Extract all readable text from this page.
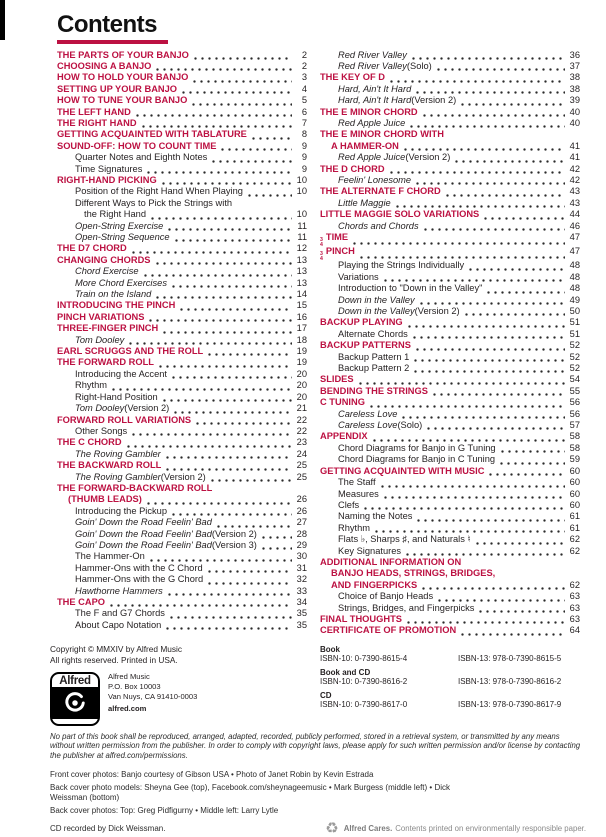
Contents
THE PARTS OF YOUR BANJO	2
CHOOSING A BANJO	2
HOW TO HOLD YOUR BANJO	3
SETTING UP YOUR BANJO	4
HOW TO TUNE YOUR BANJO	5
THE LEFT HAND	6
THE RIGHT HAND	7
GETTING ACQUAINTED WITH TABLATURE	8
SOUND-OFF: HOW TO COUNT TIME	9
Quarter Notes and Eighth Notes	9
Time Signatures	9
RIGHT-HAND PICKING	10
Position of the Right Hand When Playing	10
Different Ways to Pick the Strings with
the Right Hand	10
Open-String Exercise	11
Open-String Sequence	11
THE D7 CHORD	12
CHANGING CHORDS	13
Chord Exercise	13
More Chord Exercises	13
Train on the Island	14
INTRODUCING THE PINCH	15
PINCH VARIATIONS	16
THREE-FINGER PINCH	17
Tom Dooley	18
EARL SCRUGGS AND THE ROLL	19
THE FORWARD ROLL	19
Introducing the Accent	20
Rhythm	20
Right-Hand Position	20
Tom Dooley (Version 2)	21
FORWARD ROLL VARIATIONS	22
Other Songs	22
THE C CHORD	23
The Roving Gambler	24
THE BACKWARD ROLL	25
The Roving Gambler (Version 2)	25
THE FORWARD-BACKWARD ROLL
(THUMB LEADS)	26
Introducing the Pickup	26
Goin' Down the Road Feelin' Bad	27
Goin' Down the Road Feelin' Bad (Version 2)	28
Goin' Down the Road Feelin' Bad (Version 3)	29
The Hammer-On	30
Hammer-Ons with the C Chord	31
Hammer-Ons with the G Chord	32
Hawthorne Hammers	33
THE CAPO	34
The F and G7 Chords	35
About Capo Notation	35
Red River Valley	36
Red River Valley (Solo)	37
THE KEY OF D	38
Hard, Ain't It Hard	38
Hard, Ain't It Hard (Version 2)	39
THE E MINOR CHORD	40
Red Apple Juice	40
THE E MINOR CHORD WITH
A HAMMER-ON	41
Red Apple Juice (Version 2)	41
THE D CHORD	42
Feelin' Lonesome	42
THE ALTERNATE F CHORD	43
Little Maggie	43
LITTLE MAGGIE SOLO VARIATIONS	44
Chords and Chords	46
3
4
TIME	47
3
4
PINCH	47
Playing the Strings Individually	48
Variations	48
Introduction to "Down in the Valley"	48
Down in the Valley	49
Down in the Valley (Version 2)	50
BACKUP PLAYING	51
Alternate Chords	51
BACKUP PATTERNS	52
Backup Pattern 1	52
Backup Pattern 2	52
SLIDES	54
BENDING THE STRINGS	55
C TUNING	56
Careless Love	56
Careless Love (Solo)	57
APPENDIX	58
Chord Diagrams for Banjo in G Tuning	58
Chord Diagrams for Banjo in C Tuning	59
GETTING ACQUAINTED WITH MUSIC	60
The Staff	60
Measures	60
Clefs	60
Naming the Notes	61
Rhythm	61
Flats ♭, Sharps ♯, and Naturals ♮	62
Key Signatures	62
ADDITIONAL INFORMATION ON
BANJO HEADS, STRINGS, BRIDGES,
AND FINGERPICKS	62
Choice of Banjo Heads	63
Strings, Bridges, and Fingerpicks	63
FINAL THOUGHTS	63
CERTIFICATE OF PROMOTION	64
Copyright © MMXIV by Alfred Music
All rights reserved. Printed in USA.
Alfred	Alfred Music
P.O. Box 10003
Van Nuys, CA 91410-0003
alfred.com
Book
ISBN-10: 0-7390-8615-4	ISBN-13: 978-0-7390-8615-5
Book and CD
ISBN-10: 0-7390-8616-2	ISBN-13: 978-0-7390-8616-2
CD
ISBN-10: 0-7390-8617-0	ISBN-13: 978-0-7390-8617-9
No part of this book shall be reproduced, arranged, adapted, recorded, publicly performed, stored in a retrieval system, or transmitted by any means without written permission from the publisher. In order to comply with copyright laws, please apply for such written permission and/or license by contacting the publisher at alfred.com/permissions.
Front cover photos: Banjo courtesy of Gibson USA • Photo of Janet Robin by Kevin Estrada
Back cover photo models: Sheyna Gee (top), Facebook.com/sheynageemusic • Mark Burgess (middle left) • Dick Weissman (bottom)
Back cover photos: Top: Greg Pidfigurny • Middle left: Larry Lytle
CD recorded by Dick Weissman.	♻ Alfred Cares. Contents printed on environmentally responsible paper.
